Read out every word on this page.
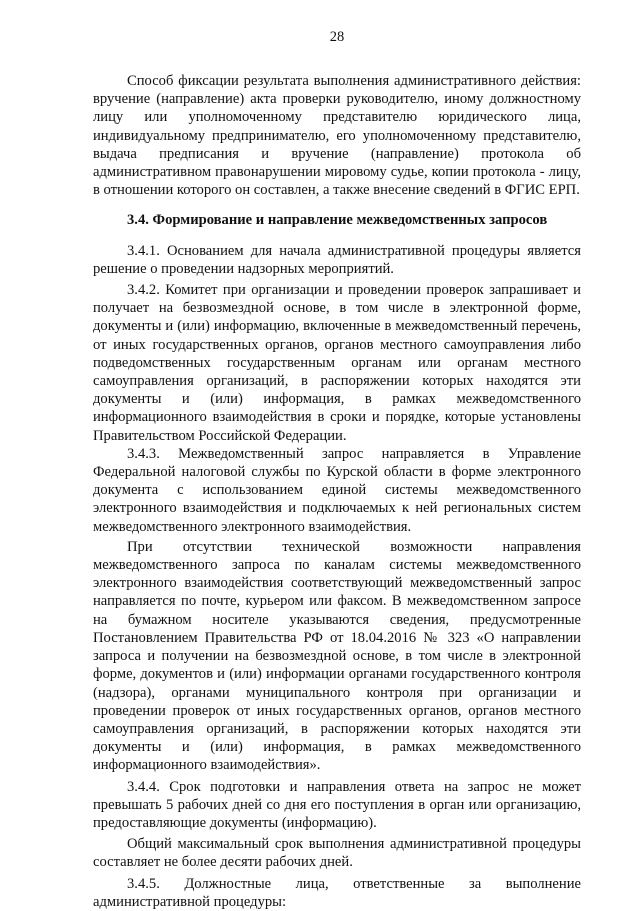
28

Способ фиксации результата выполнения административного действия: вручение (направление) акта проверки руководителю, иному должностному лицу или уполномоченному представителю юридического лица, индивидуальному предпринимателю, его уполномоченному представителю, выдача предписания и вручение (направление) протокола об административном правонарушении мировому судье, копии протокола - лицу, в отношении которого он составлен, а также внесение сведений в ФГИС ЕРП.

3.4. Формирование и направление межведомственных запросов

3.4.1. Основанием для начала административной процедуры является решение о проведении надзорных мероприятий.

3.4.2. Комитет при организации и проведении проверок запрашивает и получает на безвозмездной основе, в том числе в электронной форме, документы и (или) информацию, включенные в межведомственный перечень, от иных государственных органов, органов местного самоуправления либо подведомственных государственным органам или органам местного самоуправления организаций, в распоряжении которых находятся эти документы и (или) информация, в рамках межведомственного информационного взаимодействия в сроки и порядке, которые установлены Правительством Российской Федерации.

3.4.3. Межведомственный запрос направляется в Управление Федеральной налоговой службы по Курской области в форме электронного документа с использованием единой системы межведомственного электронного взаимодействия и подключаемых к ней региональных систем межведомственного электронного взаимодействия.

При отсутствии технической возможности направления межведомственного запроса по каналам системы межведомственного электронного взаимодействия соответствующий межведомственный запрос направляется по почте, курьером или факсом. В межведомственном запросе на бумажном носителе указываются сведения, предусмотренные Постановлением Правительства РФ от 18.04.2016 № 323 «О направлении запроса и получении на безвозмездной основе, в том числе в электронной форме, документов и (или) информации органами государственного контроля (надзора), органами муниципального контроля при организации и проведении проверок от иных государственных органов, органов местного самоуправления организаций, в распоряжении которых находятся эти документы и (или) информация, в рамках межведомственного информационного взаимодействия».

3.4.4. Срок подготовки и направления ответа на запрос не может превышать 5 рабочих дней со дня его поступления в орган или организацию, предоставляющие документы (информацию).

Общий максимальный срок выполнения административной процедуры составляет не более десяти рабочих дней.

3.4.5. Должностные лица, ответственные за выполнение административной процедуры:
